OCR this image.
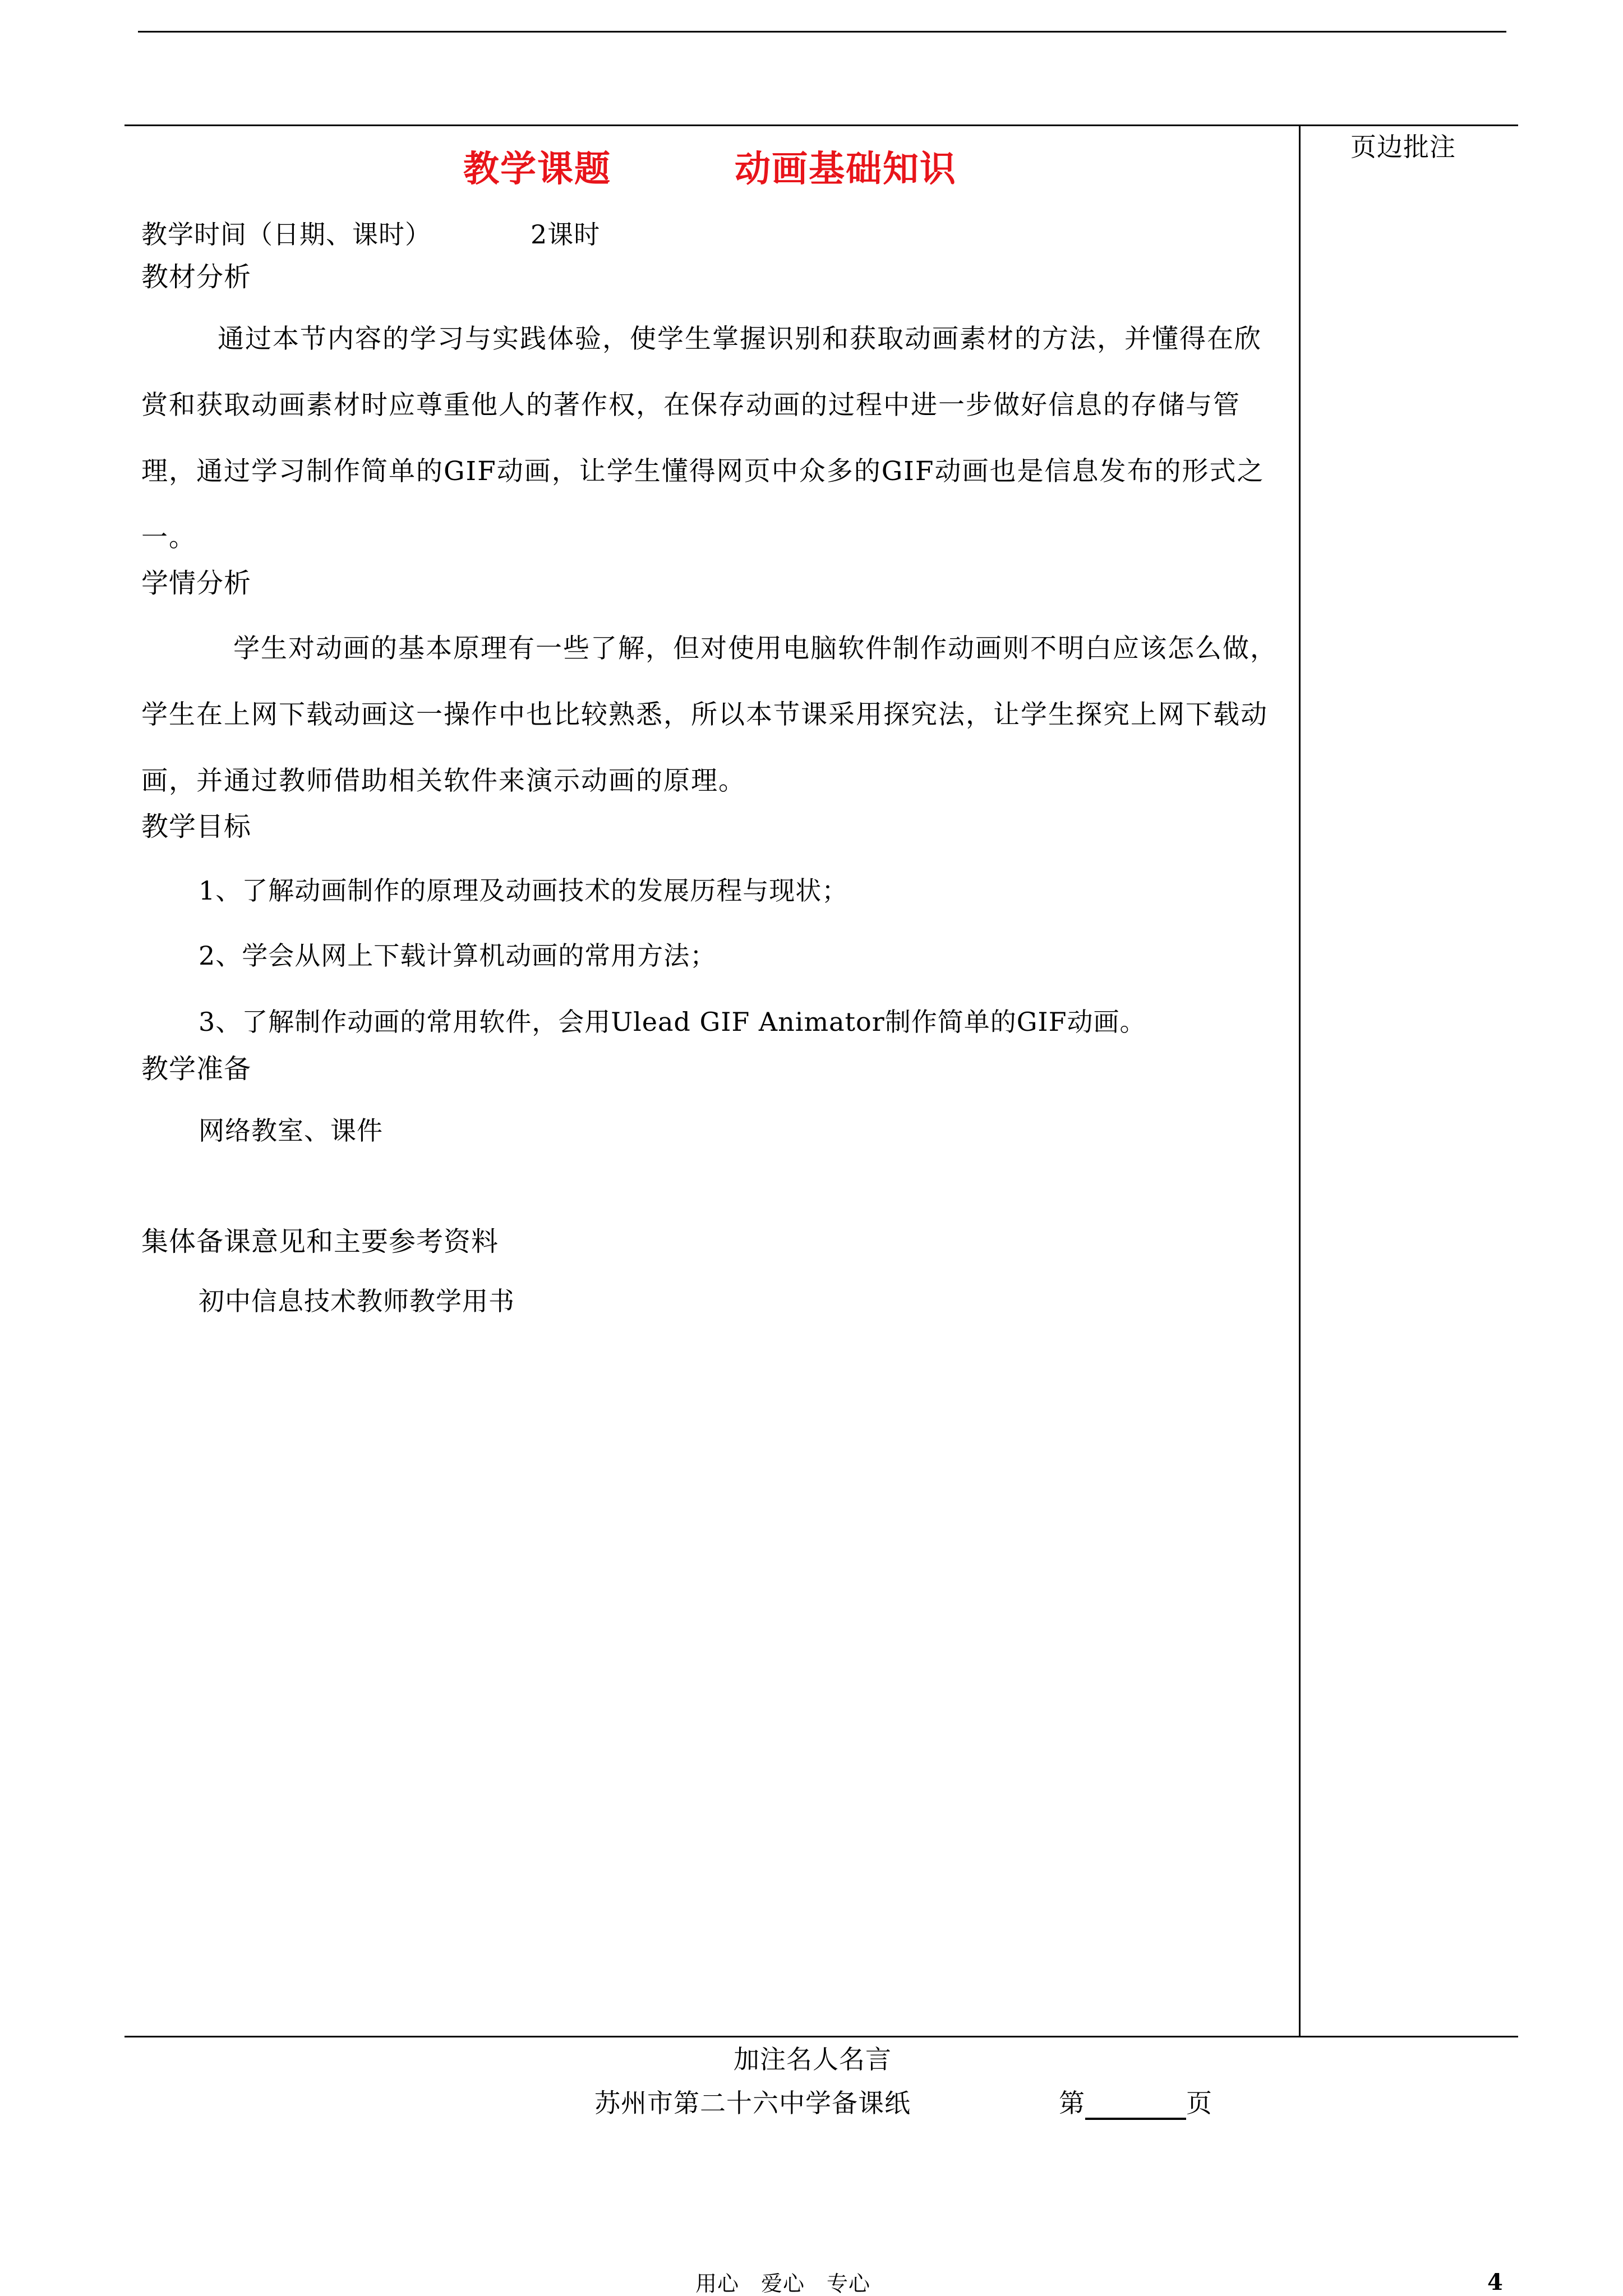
页边批注
教学课题	动画基础知识
教学时间（日期、课时）	2课时
教材分析
通过本节内容的学习与实践体验，使学生掌握识别和获取动画素材的方法，并懂得在欣赏和获取动画素材时应尊重他人的著作权，在保存动画的过程中进一步做好信息的存储与管理，通过学习制作简单的GIF动画，让学生懂得网页中众多的GIF动画也是信息发布的形式之一。
学情分析
学生对动画的基本原理有一些了解，但对使用电脑软件制作动画则不明白应该怎么做，学生在上网下载动画这一操作中也比较熟悉，所以本节课采用探究法，让学生探究上网下载动画，并通过教师借助相关软件来演示动画的原理。
教学目标
1、了解动画制作的原理及动画技术的发展历程与现状；
2、学会从网上下载计算机动画的常用方法；
3、了解制作动画的常用软件，会用Ulead GIF Animator制作简单的GIF动画。
教学准备
网络教室、课件
集体备课意见和主要参考资料
初中信息技术教师教学用书
加注名人名言
苏州市第二十六中学备课纸	第	页
用心　爱心　专心	4
